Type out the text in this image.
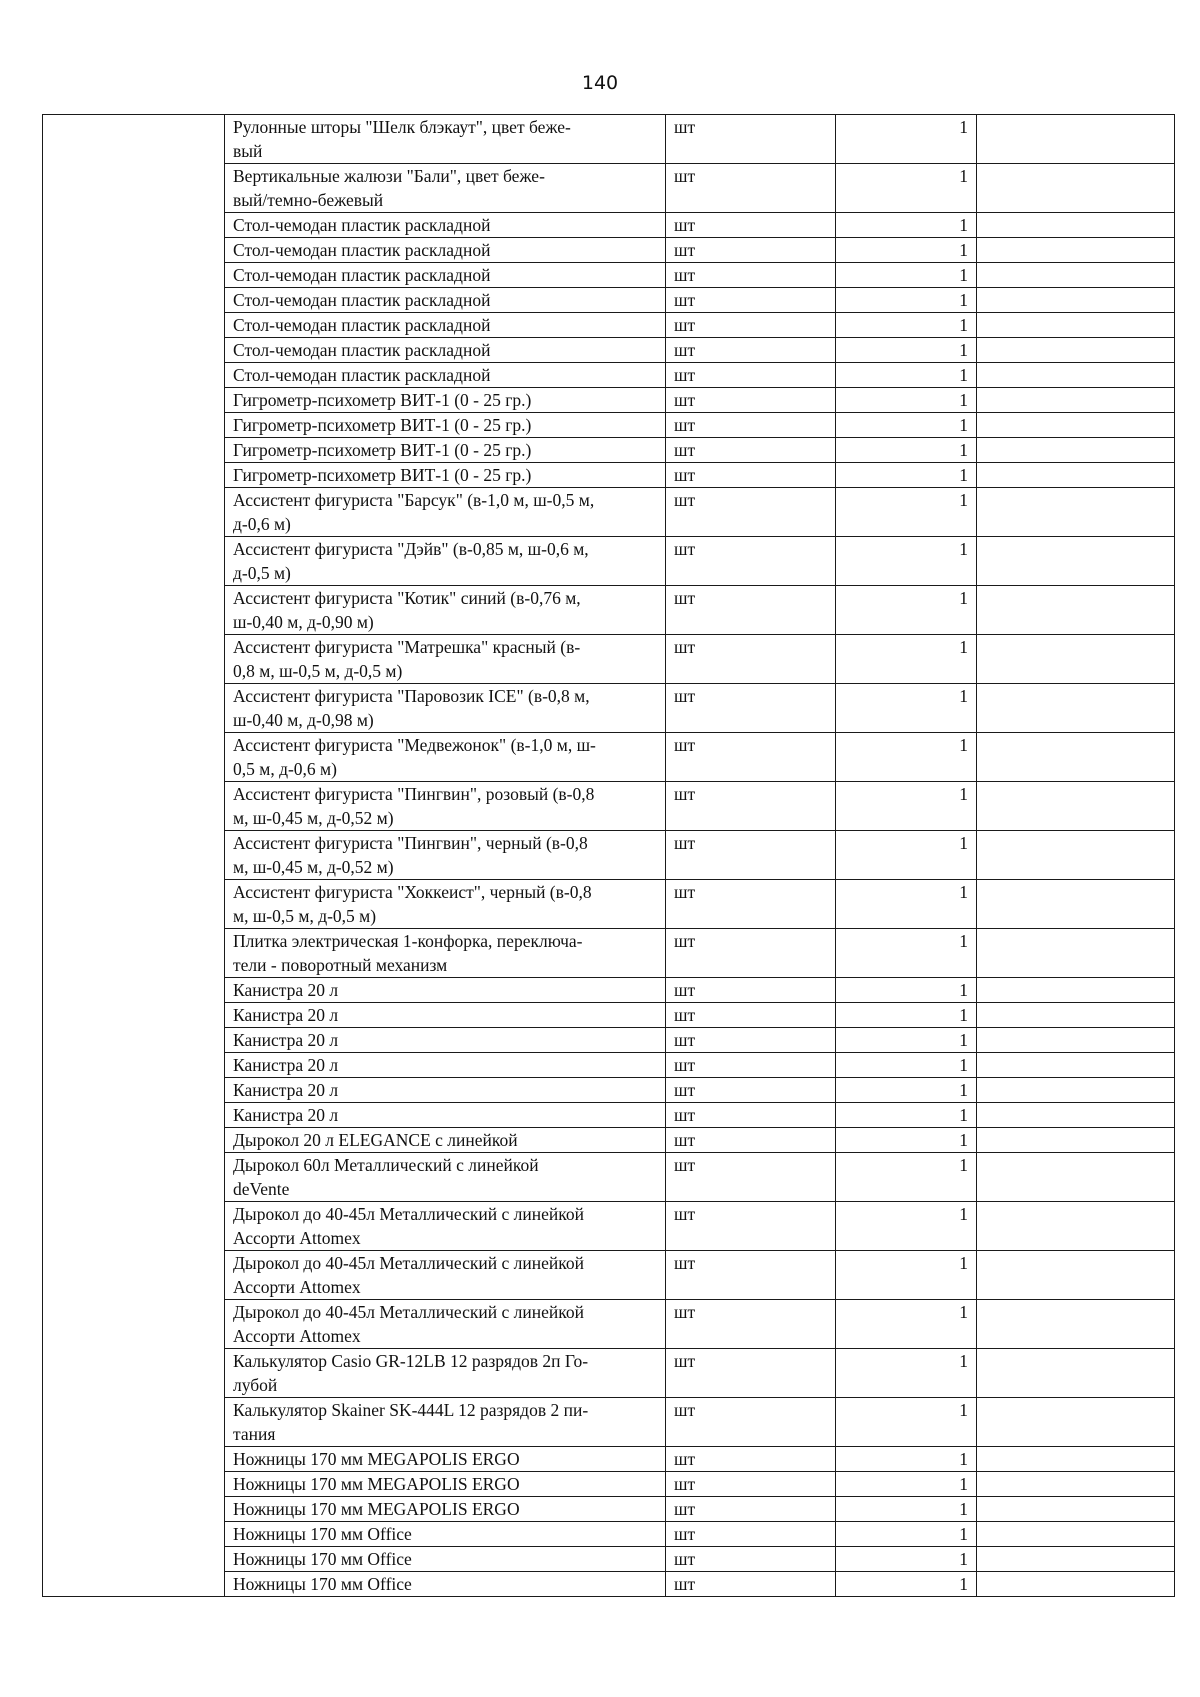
140
	Рулонные шторы "Шелк блэкаут", цвет беже-
вый	шт	1	
	Вертикальные жалюзи "Бали", цвет беже-
вый/темно-бежевый	шт	1	
	Стол-чемодан пластик раскладной	шт	1	
	Стол-чемодан пластик раскладной	шт	1	
	Стол-чемодан пластик раскладной	шт	1	
	Стол-чемодан пластик раскладной	шт	1	
	Стол-чемодан пластик раскладной	шт	1	
	Стол-чемодан пластик раскладной	шт	1	
	Стол-чемодан пластик раскладной	шт	1	
	Гигрометр-психометр ВИТ-1 (0 - 25 гр.)	шт	1	
	Гигрометр-психометр ВИТ-1 (0 - 25 гр.)	шт	1	
	Гигрометр-психометр ВИТ-1 (0 - 25 гр.)	шт	1	
	Гигрометр-психометр ВИТ-1 (0 - 25 гр.)	шт	1	
	Ассистент фигуриста "Барсук" (в-1,0 м, ш-0,5 м,
д-0,6 м)	шт	1	
	Ассистент фигуриста "Дэйв" (в-0,85 м, ш-0,6 м,
д-0,5 м)	шт	1	
	Ассистент фигуриста "Котик" синий (в-0,76 м,
ш-0,40 м, д-0,90 м)	шт	1	
	Ассистент фигуриста "Матрешка" красный (в-
0,8 м, ш-0,5 м, д-0,5 м)	шт	1	
	Ассистент фигуриста "Паровозик ICE" (в-0,8 м,
ш-0,40 м, д-0,98 м)	шт	1	
	Ассистент фигуриста "Медвежонок" (в-1,0 м, ш-
0,5 м, д-0,6 м)	шт	1	
	Ассистент фигуриста "Пингвин", розовый (в-0,8
м, ш-0,45 м, д-0,52 м)	шт	1	
	Ассистент фигуриста "Пингвин", черный (в-0,8
м, ш-0,45 м, д-0,52 м)	шт	1	
	Ассистент фигуриста "Хоккеист", черный (в-0,8
м, ш-0,5 м, д-0,5 м)	шт	1	
	Плитка электрическая 1-конфорка, переключа-
тели - поворотный механизм	шт	1	
	Канистра 20 л	шт	1	
	Канистра 20 л	шт	1	
	Канистра 20 л	шт	1	
	Канистра 20 л	шт	1	
	Канистра 20 л	шт	1	
	Канистра 20 л	шт	1	
	Дырокол 20 л ELEGANCE с линейкой	шт	1	
	Дырокол 60л Металлический с линейкой
deVente	шт	1	
	Дырокол до 40-45л Металлический с линейкой
Ассорти Attomex	шт	1	
	Дырокол до 40-45л Металлический с линейкой
Ассорти Attomex	шт	1	
	Дырокол до 40-45л Металлический с линейкой
Ассорти Attomex	шт	1	
	Калькулятор Casio GR-12LB 12 разрядов 2п Го-
лубой	шт	1	
	Калькулятор Skainer SK-444L 12 разрядов 2 пи-
тания	шт	1	
	Ножницы 170 мм MEGAPOLIS ERGO	шт	1	
	Ножницы 170 мм MEGAPOLIS ERGO	шт	1	
	Ножницы 170 мм MEGAPOLIS ERGO	шт	1	
	Ножницы 170 мм Office	шт	1	
	Ножницы 170 мм Office	шт	1	
	Ножницы 170 мм Office	шт	1	
